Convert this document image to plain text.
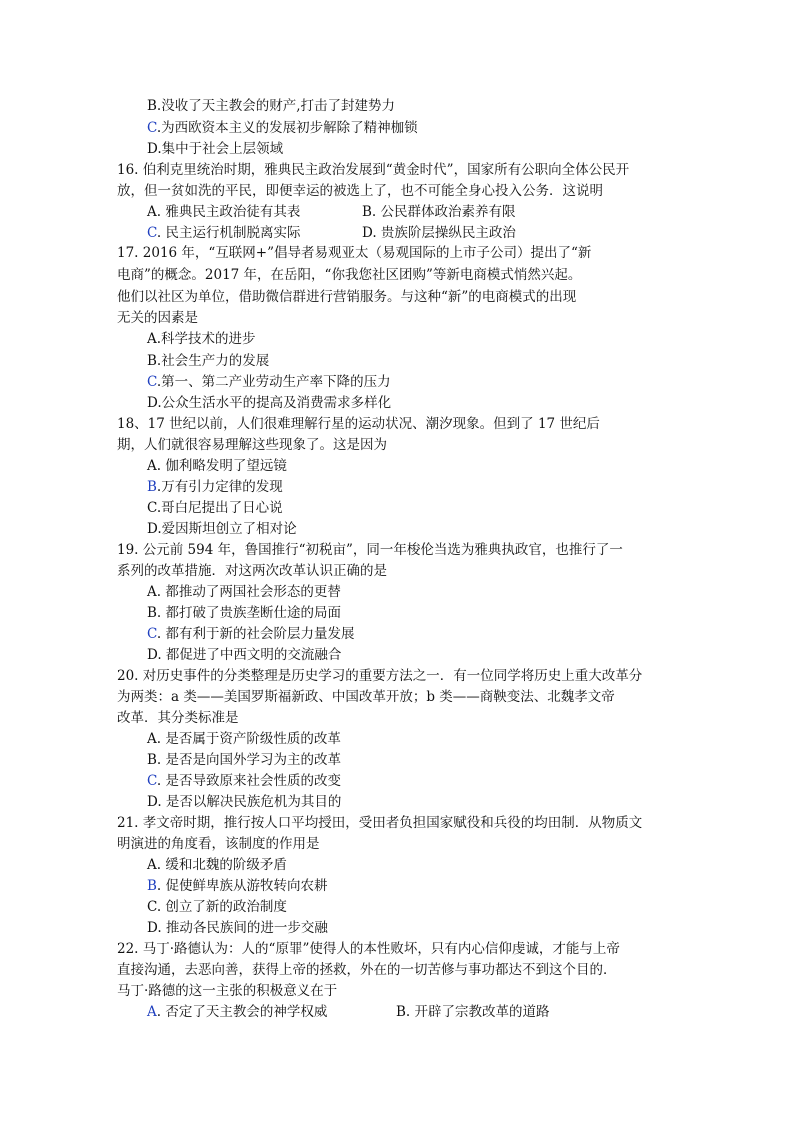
B.没收了天主教会的财产,打击了封建势力
C.为西欧资本主义的发展初步解除了精神枷锁
D.集中于社会上层领域
16. 伯利克里统治时期，雅典民主政治发展到“黄金时代”，国家所有公职向全体公民开
放，但一贫如洗的平民，即便幸运的被选上了，也不可能全身心投入公务．这说明
A. 雅典民主政治徒有其表	B. 公民群体政治素养有限
C. 民主运行机制脱离实际	D. 贵族阶层操纵民主政治
17. 2016 年，“互联网+”倡导者易观亚太（易观国际的上市子公司）提出了“新
电商”的概念。2017 年，在岳阳，“你我您社区团购”等新电商模式悄然兴起。
他们以社区为单位，借助微信群进行营销服务。与这种“新”的电商模式的出现
无关的因素是
A.科学技术的进步
B.社会生产力的发展
C.第一、第二产业劳动生产率下降的压力
D.公众生活水平的提高及消费需求多样化
18、17 世纪以前，人们很难理解行星的运动状况、潮汐现象。但到了 17 世纪后
期，人们就很容易理解这些现象了。这是因为
A. 伽利略发明了望远镜
B.万有引力定律的发现
C.哥白尼提出了日心说
D.爱因斯坦创立了相对论
19. 公元前 594 年，鲁国推行“初税亩”，同一年梭伦当选为雅典执政官，也推行了一
系列的改革措施．对这两次改革认识正确的是
A. 都推动了两国社会形态的更替
B. 都打破了贵族垄断仕途的局面
C. 都有利于新的社会阶层力量发展
D. 都促进了中西文明的交流融合
20. 对历史事件的分类整理是历史学习的重要方法之一．有一位同学将历史上重大改革分
为两类：a 类——美国罗斯福新政、中国改革开放；b 类——商鞅变法、北魏孝文帝
改革．其分类标准是
A. 是否属于资产阶级性质的改革
B. 是否是向国外学习为主的改革
C. 是否导致原来社会性质的改变
D. 是否以解决民族危机为其目的
21. 孝文帝时期，推行按人口平均授田，受田者负担国家赋役和兵役的均田制．从物质文
明演进的角度看，该制度的作用是
A. 缓和北魏的阶级矛盾
B. 促使鲜卑族从游牧转向农耕
C. 创立了新的政治制度
D. 推动各民族间的进一步交融
22. 马丁·路德认为：人的“原罪”使得人的本性败坏，只有内心信仰虔诚，才能与上帝
直接沟通，去恶向善，获得上帝的拯救，外在的一切苦修与事功都达不到这个目的．
马丁·路德的这一主张的积极意义在于
A. 否定了天主教会的神学权威	B. 开辟了宗教改革的道路
